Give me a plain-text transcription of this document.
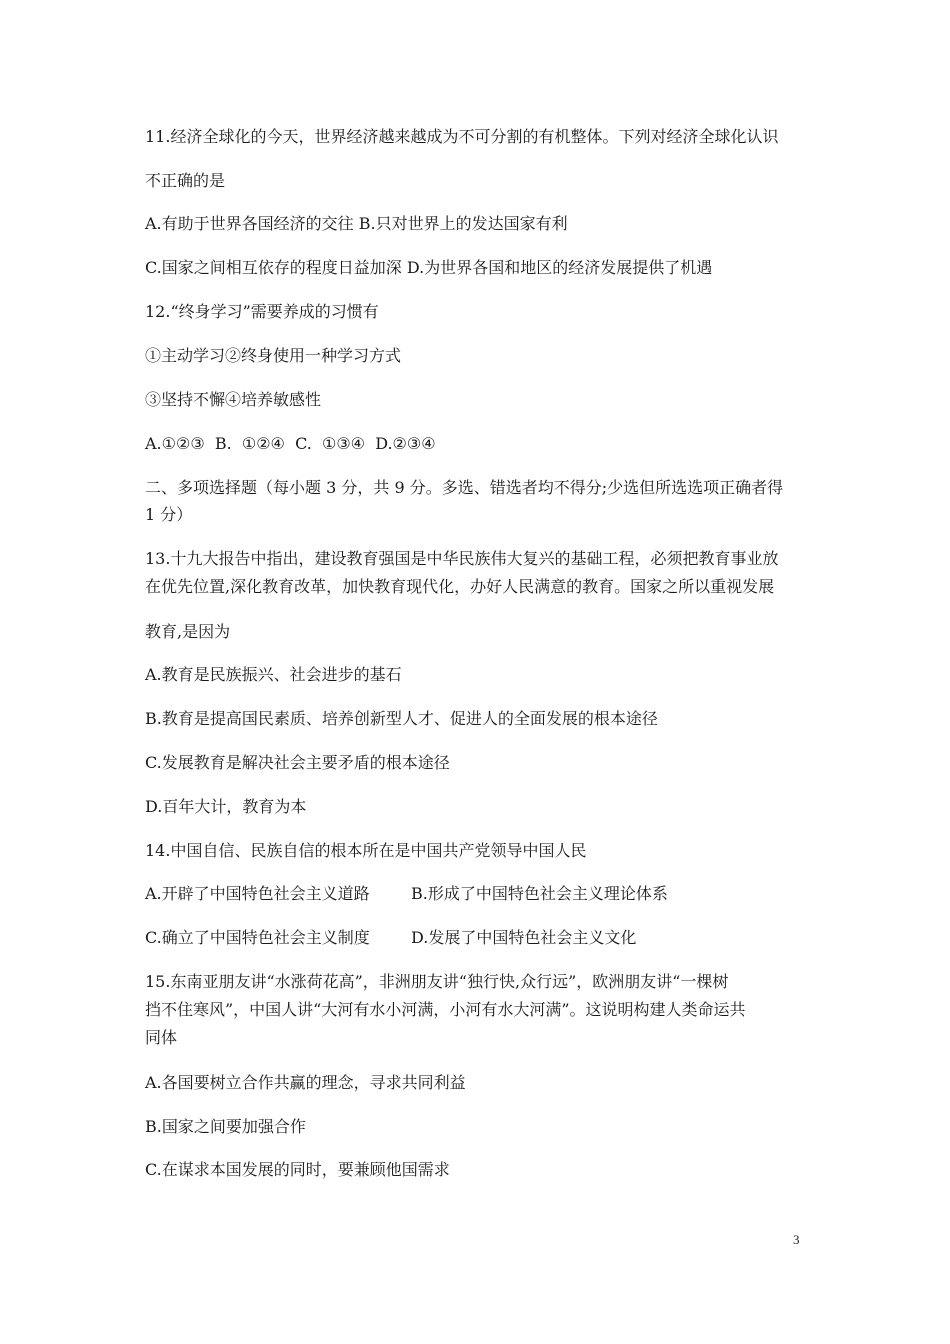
11.经济全球化的今天，世界经济越来越成为不可分割的有机整体。下列对经济全球化认识
不正确的是
A.有助于世界各国经济的交往 B.只对世界上的发达国家有利
C.国家之间相互依存的程度日益加深 D.为世界各国和地区的经济发展提供了机遇
12.“终身学习”需要养成的习惯有
①主动学习②终身使用一种学习方式
③坚持不懈④培养敏感性
A.①②③  B.  ①②④  C.  ①③④  D.②③④
二、多项选择题（每小题 3 分，共 9 分。多选、错选者均不得分;少选但所选选项正确者得
1 分）
13.十九大报告中指出，建设教育强国是中华民族伟大复兴的基础工程，必须把教育事业放
在优先位置,深化教育改革，加快教育现代化，办好人民满意的教育。国家之所以重视发展
教育,是因为
A.教育是民族振兴、社会进步的基石
B.教育是提高国民素质、培养创新型人才、促进人的全面发展的根本途径
C.发展教育是解决社会主要矛盾的根本途径
D.百年大计，教育为本
14.中国自信、民族自信的根本所在是中国共产党领导中国人民
A.开辟了中国特色社会主义道路	B.形成了中国特色社会主义理论体系
C.确立了中国特色社会主义制度	D.发展了中国特色社会主义文化
15.东南亚朋友讲“水涨荷花高”，非洲朋友讲“独行快,众行远”，欧洲朋友讲“一棵树
挡不住寒风”，中国人讲“大河有水小河满，小河有水大河满”。这说明构建人类命运共
同体
A.各国要树立合作共赢的理念，寻求共同利益
B.国家之间要加强合作
C.在谋求本国发展的同时，要兼顾他国需求
3
